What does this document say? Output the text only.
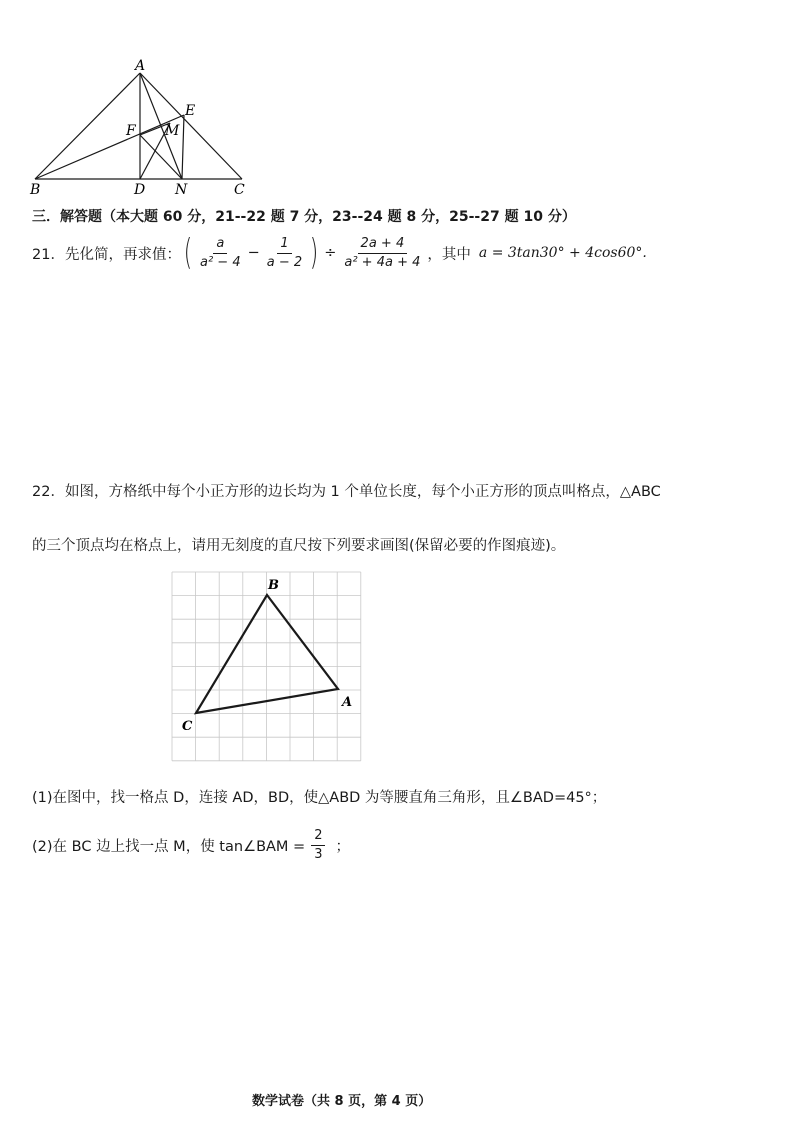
A
B	C
D N
E
F M
三．解答题（本大题 60 分，21--22 题 7 分，23--24 题 8 分，25--27 题 10 分）
21．先化简，再求值： ( $\frac{a}{\text{a² − 4}} - \frac{1}{a - 2}$ ) ÷ $\frac{2a + 4}{\text{a² + 4a + 4}}$ ，其中 a = 3tan30° + 4cos60°.
22．如图，方格纸中每个小正方形的边长均为 1 个单位长度，每个小正方形的顶点叫格点，△ABC
的三个顶点均在格点上，请用无刻度的直尺按下列要求画图(保留必要的作图痕迹)。
B
A
C
(1)在图中，找一格点 D，连接 AD，BD，使△ABD 为等腰直角三角形，且∠BAD=45°；
(2)在 BC 边上找一点 M，使 tan∠BAM = $\frac{2}{3}$ ；
数学试卷（共 8 页，第 4 页）
